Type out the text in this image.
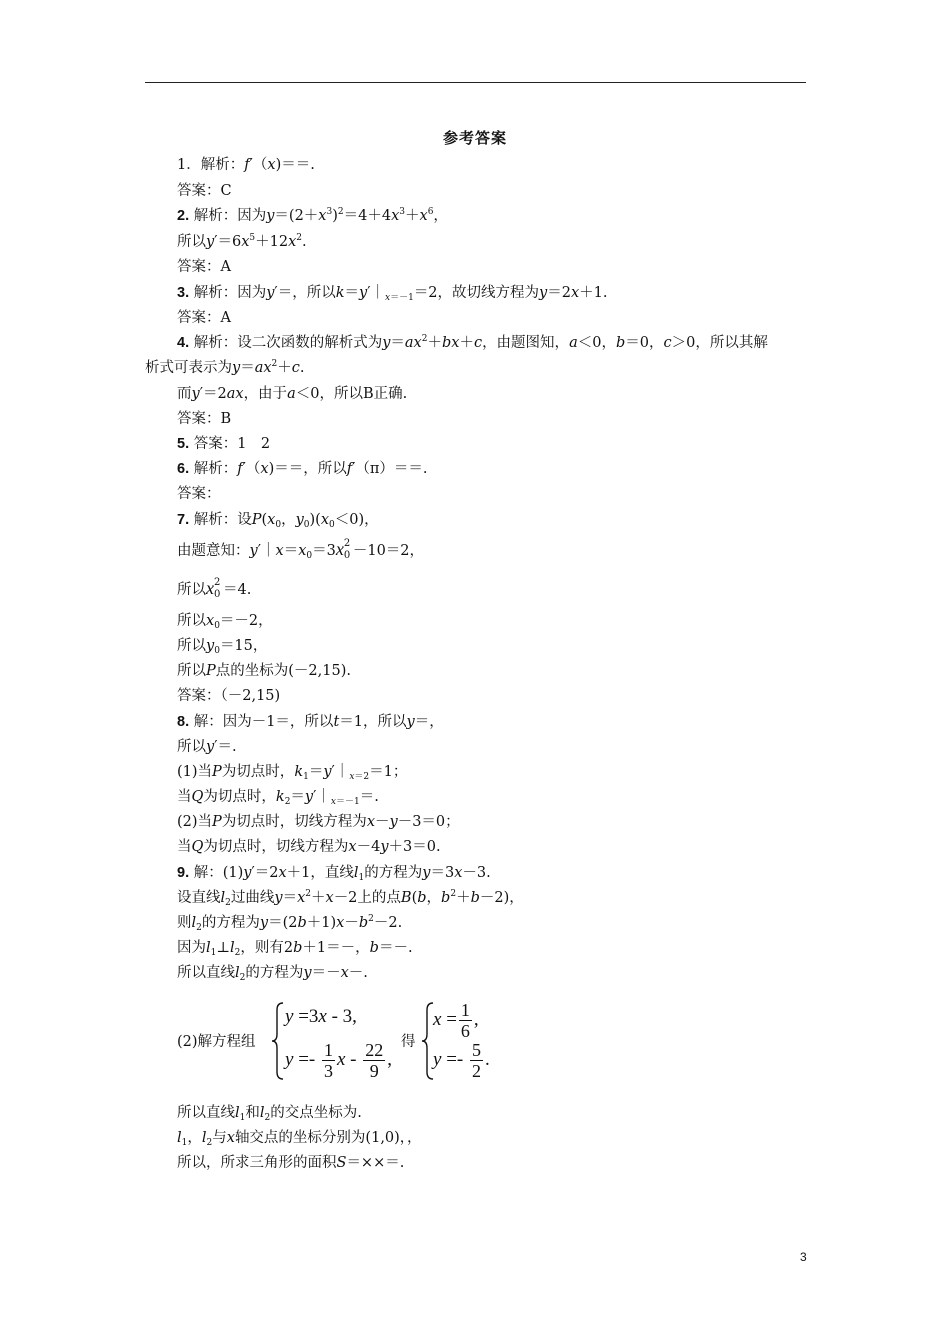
参考答案
1．解析：f′（x)＝＝.
答案：C
2. 解析：因为$y=(2+x^3)^2=4+4x^3+x^6$，
所以$y'=6x^5+12x^2$.
答案：A
3. 解析：因为y′＝，所以$k=y'|_{x=-1}=2$，故切线方程为y＝2x＋1.
答案：A
4. 解析：设二次函数的解析式为$y=ax^2+bx+c$，由题图知，a＜0，b＝0，c＞0，所以其解
析式可表示为$y=ax^2+c$.
而y′＝2ax，由于a＜0，所以B正确.
答案：B
5. 答案：1　2
6. 解析：f′（x)＝＝，所以f′（π）＝＝.
答案：
7. 解析：设$P(x_0$，$y_0)(x_0<0)$，
由题意知：$y'|x=x_0=3x$ 2
0 －10＝2，
所以x 2
0 ＝4.
所以$x_0=-2$，
所以$y_0=15$，
所以P点的坐标为(－2,15).
答案：（－2,15)
8. 解：因为－1＝，所以t＝1，所以y＝，
所以y′＝.
(1)当P为切点时，$k_1=y'|_{x=2}=1$；
当Q为切点时，$k_2=y'|_{x=-1}=$.
(2)当P为切点时，切线方程为x－y－3＝0；
当Q为切点时，切线方程为x－4y＋3＝0.
9. 解：(1)y′＝2x＋1，直线$l_1$的方程为y＝3x－3.
设直线$l_2$过曲线$y=x^2+x-2$上的点B(b，$b^2+b-2$)，
则$l_2$的方程为$y=(2b+1)x-b^2-2$.
因为$l_1\perp l_2$，则有2b＋1＝－，b＝－.
所以直线$l_2$的方程为y＝－x－.
(2)解方程组
y =3x - 3,
$y =- \frac{1}{3}$ x - $\frac{22}{9}$ ,
得
$x = \frac{1}{6}$ ,
$y =- \frac{5}{2}$ .
所以直线$l_1$和$l_2$的交点坐标为.
$l_1$，$l_2$与x轴交点的坐标分别为(1,0)，，
所以，所求三角形的面积S＝××＝.
3
